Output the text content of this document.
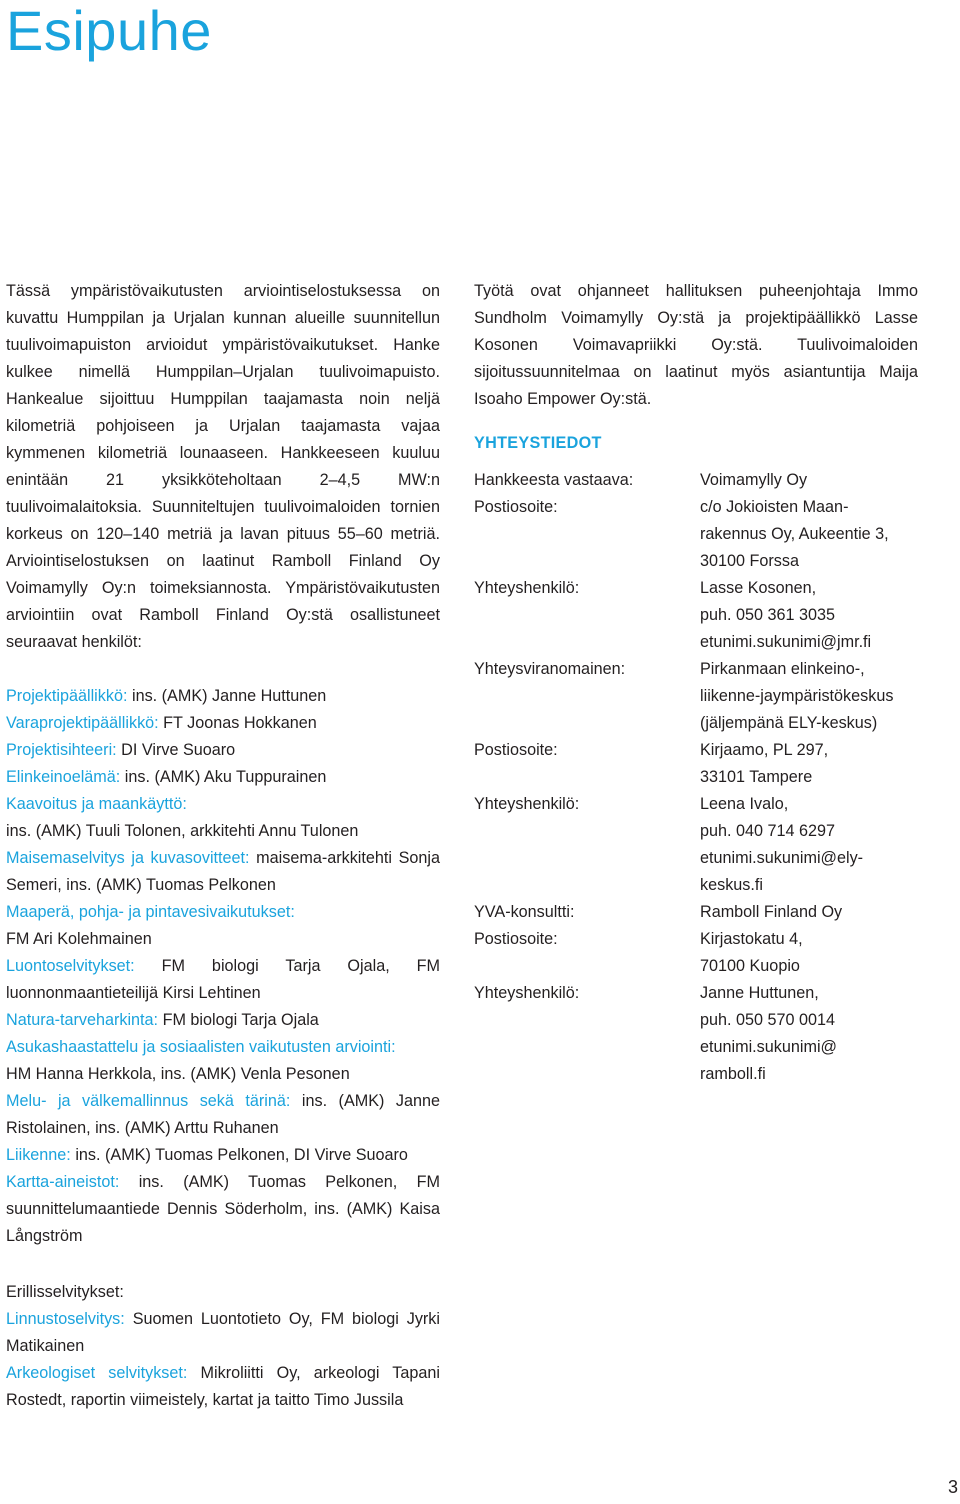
Esipuhe

Tässä ympäristövaikutusten arviointiselostuksessa on kuvattu Humppilan ja Urjalan kunnan alueille suunnitellun tuulivoimapuiston arvioidut ympäristövaikutukset. Hanke kulkee nimellä Humppilan–Urjalan tuulivoimapuisto. Hankealue sijoittuu Humppilan taajamasta noin neljä kilometriä pohjoiseen ja Urjalan taajamasta vajaa kymmenen kilometriä lounaaseen. Hankkeeseen kuuluu enintään 21 yksikköteholtaan 2–4,5 MW:n tuulivoimalaitoksia. Suunniteltujen tuulivoimaloiden tornien korkeus on 120–140 metriä ja lavan pituus 55–60 metriä. Arviointiselostuksen on laatinut Ramboll Finland Oy Voimamylly Oy:n toimeksiannosta. Ympäristövaikutusten arviointiin ovat Ramboll Finland Oy:stä osallistuneet seuraavat henkilöt:

Projektipäällikkö: ins. (AMK) Janne Huttunen
Varaprojektipäällikkö: FT Joonas Hokkanen
Projektisihteeri: DI Virve Suoaro
Elinkeinoelämä: ins. (AMK) Aku Tuppurainen
Kaavoitus ja maankäyttö:
ins. (AMK) Tuuli Tolonen, arkkitehti Annu Tulonen
Maisemaselvitys ja kuvasovitteet: maisema-arkkitehti Sonja Semeri, ins. (AMK) Tuomas Pelkonen
Maaperä, pohja- ja pintavesivaikutukset:
FM Ari Kolehmainen
Luontoselvitykset: FM biologi Tarja Ojala, FM luonnonmaantieteilijä Kirsi Lehtinen
Natura-tarveharkinta: FM biologi Tarja Ojala
Asukashaastattelu ja sosiaalisten vaikutusten arviointi:
HM Hanna Herkkola, ins. (AMK) Venla Pesonen
Melu- ja välkemallinnus sekä tärinä: ins. (AMK) Janne Ristolainen, ins. (AMK) Arttu Ruhanen
Liikenne: ins. (AMK) Tuomas Pelkonen, DI Virve Suoaro
Kartta-aineistot: ins. (AMK) Tuomas Pelkonen, FM suunnittelumaantiede Dennis Söderholm, ins. (AMK) Kaisa Långström

Erillisselvitykset:

Linnustoselvitys: Suomen Luontotieto Oy, FM biologi Jyrki Matikainen
Arkeologiset selvitykset: Mikroliitti Oy, arkeologi Tapani Rostedt, raportin viimeistely, kartat ja taitto Timo Jussila

Työtä ovat ohjanneet hallituksen puheenjohtaja Immo Sundholm Voimamylly Oy:stä ja projektipäällikkö Lasse Kosonen Voimavapriikki Oy:stä. Tuulivoimaloiden sijoitussuunnitelmaa on laatinut myös asiantuntija Maija Isoaho Empower Oy:stä.

YHTEYSTIEDOT
Hankkeesta vastaava:	Voimamylly Oy
Postiosoite:	c/o Jokioisten Maan-
rakennus Oy, Aukeentie 3,
30100 Forssa
Yhteyshenkilö:	Lasse Kosonen,
puh. 050 361 3035
etunimi.sukunimi@jmr.fi
Yhteysviranomainen:	Pirkanmaan elinkeino-,
liikenne-jaympäristökeskus
(jäljempänä ELY-keskus)
Postiosoite:	Kirjaamo, PL 297,
33101 Tampere
Yhteyshenkilö:	Leena Ivalo,
puh. 040 714 6297
etunimi.sukunimi@ely-
keskus.fi
YVA-konsultti:	Ramboll Finland Oy
Postiosoite:	Kirjastokatu 4,
70100 Kuopio
Yhteyshenkilö:	Janne Huttunen,
puh. 050 570 0014
etunimi.sukunimi@
ramboll.fi
3
